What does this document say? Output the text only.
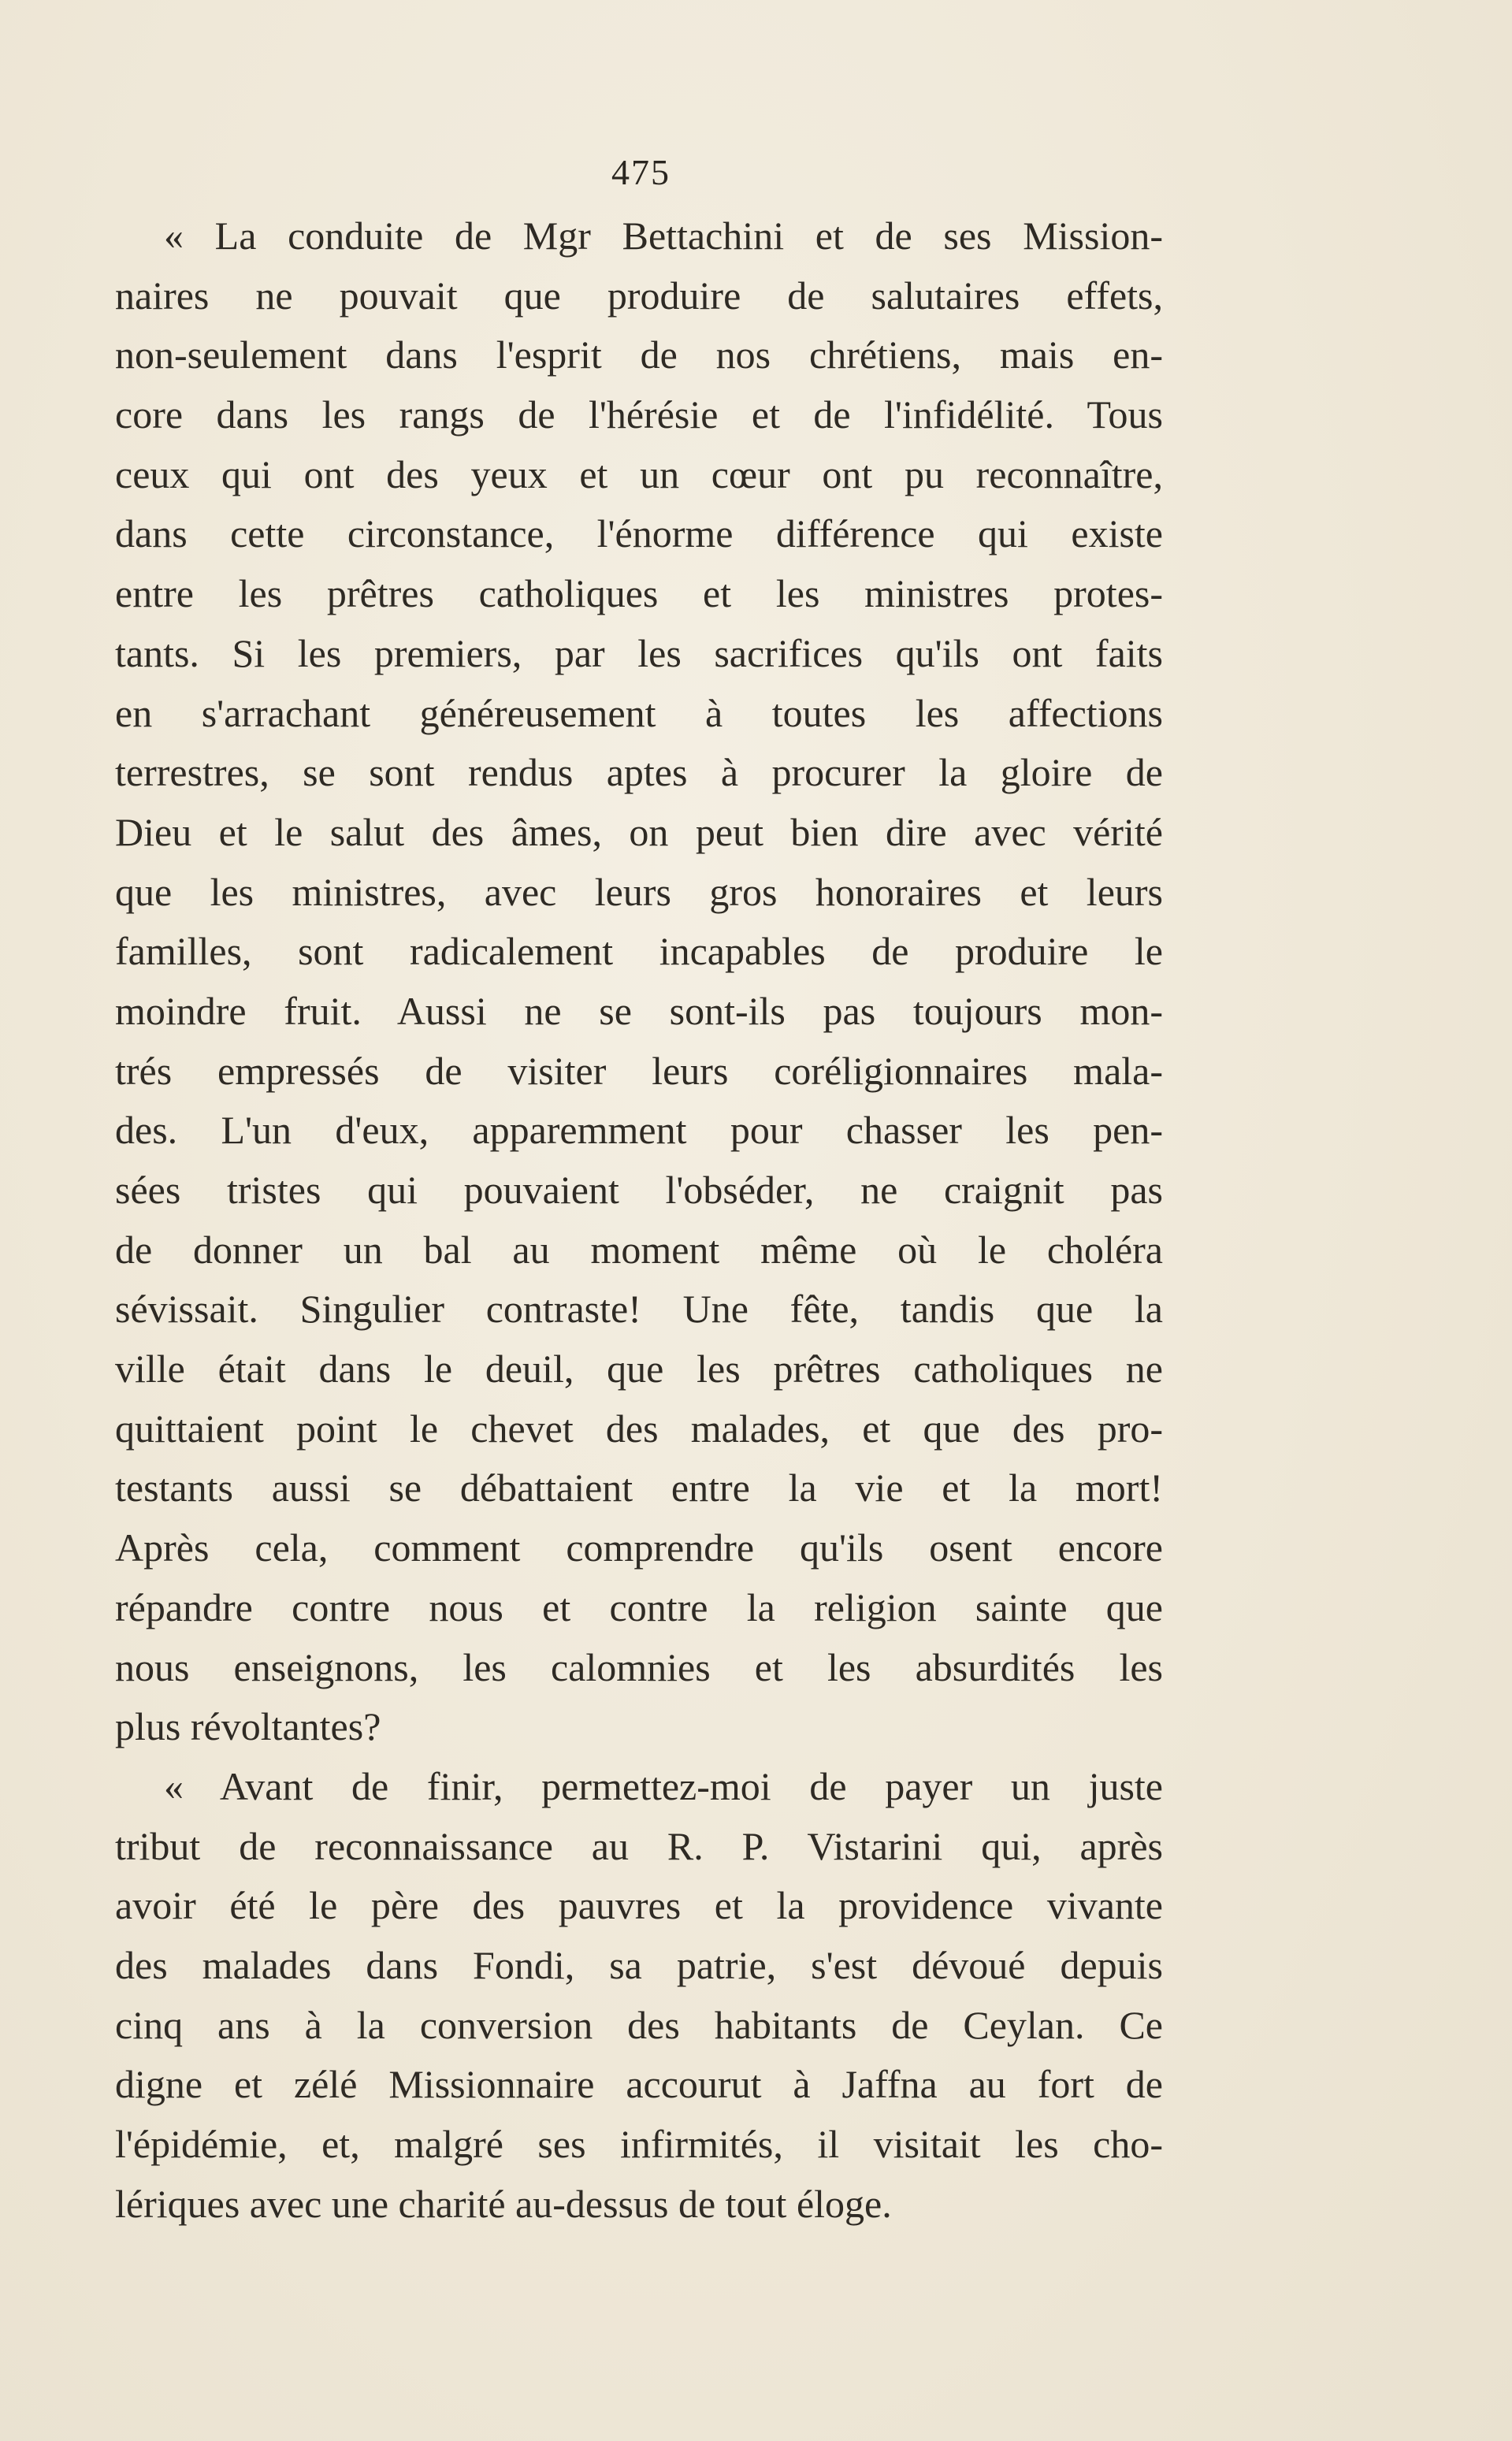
475
« La conduite de Mgr Bettachini et de ses Mission-
naires ne pouvait que produire de salutaires effets,
non-seulement dans l'esprit de nos chrétiens, mais en-
core dans les rangs de l'hérésie et de l'infidélité. Tous
ceux qui ont des yeux et un cœur ont pu reconnaître,
dans cette circonstance, l'énorme différence qui existe
entre les prêtres catholiques et les ministres protes-
tants. Si les premiers, par les sacrifices qu'ils ont faits
en s'arrachant généreusement à toutes les affections
terrestres, se sont rendus aptes à procurer la gloire de
Dieu et le salut des âmes, on peut bien dire avec vérité
que les ministres, avec leurs gros honoraires et leurs
familles, sont radicalement incapables de produire le
moindre fruit. Aussi ne se sont-ils pas toujours mon-
trés empressés de visiter leurs coréligionnaires mala-
des. L'un d'eux, apparemment pour chasser les pen-
sées tristes qui pouvaient l'obséder, ne craignit pas
de donner un bal au moment même où le choléra
sévissait. Singulier contraste! Une fête, tandis que la
ville était dans le deuil, que les prêtres catholiques ne
quittaient point le chevet des malades, et que des pro-
testants aussi se débattaient entre la vie et la mort!
Après cela, comment comprendre qu'ils osent encore
répandre contre nous et contre la religion sainte que
nous enseignons, les calomnies et les absurdités les
plus révoltantes?
« Avant de finir, permettez-moi de payer un juste
tribut de reconnaissance au R. P. Vistarini qui, après
avoir été le père des pauvres et la providence vivante
des malades dans Fondi, sa patrie, s'est dévoué depuis
cinq ans à la conversion des habitants de Ceylan. Ce
digne et zélé Missionnaire accourut à Jaffna au fort de
l'épidémie, et, malgré ses infirmités, il visitait les cho-
lériques avec une charité au-dessus de tout éloge.
